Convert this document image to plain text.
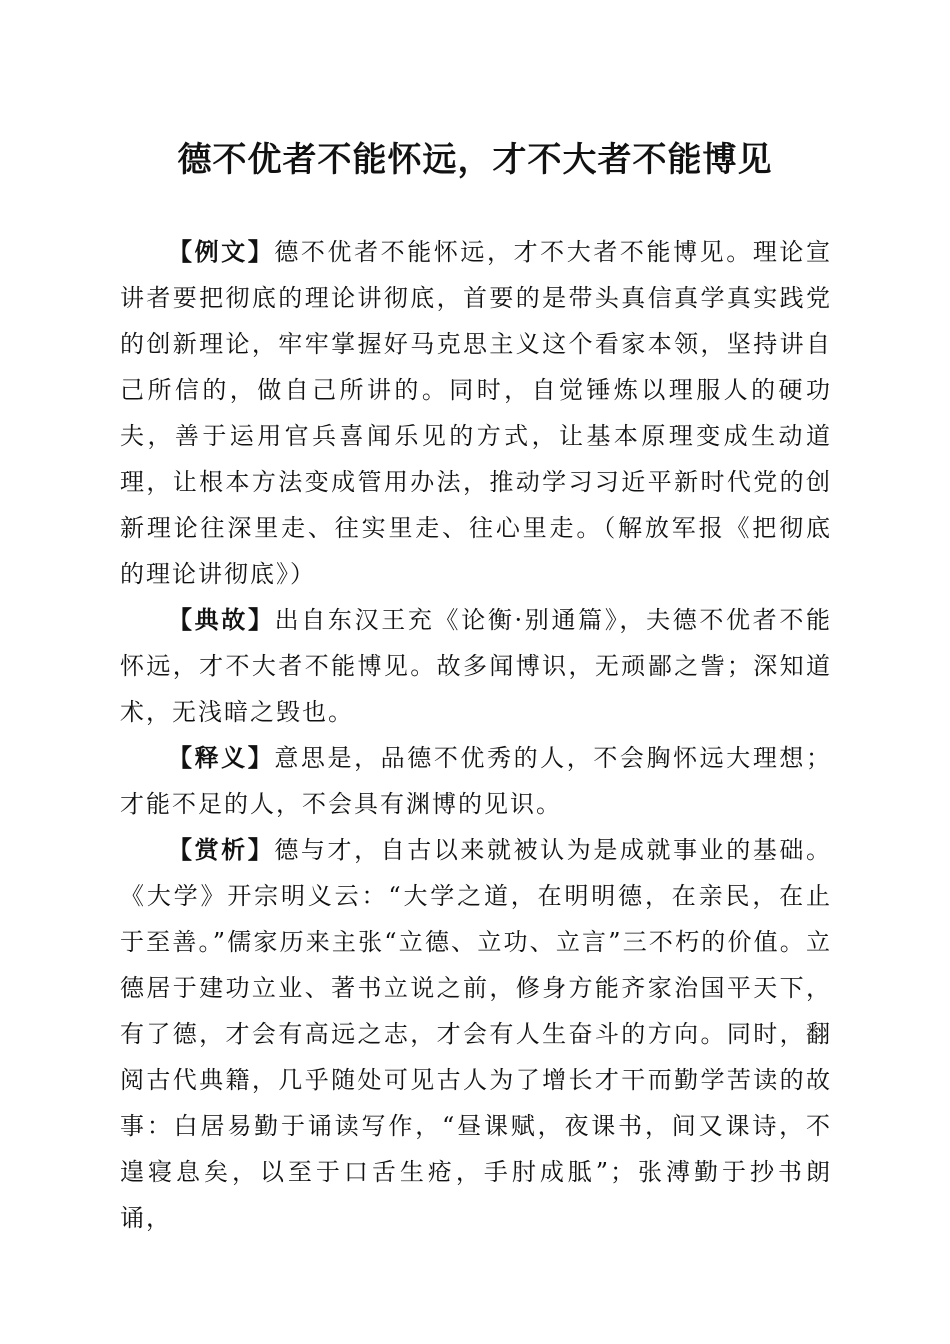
德不优者不能怀远，才不大者不能博见

【例文】德不优者不能怀远，才不大者不能博见。理论宣讲者要把彻底的理论讲彻底，首要的是带头真信真学真实践党的创新理论，牢牢掌握好马克思主义这个看家本领，坚持讲自己所信的，做自己所讲的。同时，自觉锤炼以理服人的硬功夫，善于运用官兵喜闻乐见的方式，让基本原理变成生动道理，让根本方法变成管用办法，推动学习习近平新时代党的创新理论往深里走、往实里走、往心里走。（解放军报《把彻底的理论讲彻底》）

【典故】出自东汉王充《论衡·别通篇》，夫德不优者不能怀远，才不大者不能博见。故多闻博识，无顽鄙之訾；深知道术，无浅暗之毁也。

【释义】意思是，品德不优秀的人，不会胸怀远大理想；才能不足的人，不会具有渊博的见识。

【赏析】德与才，自古以来就被认为是成就事业的基础。《大学》开宗明义云：“大学之道，在明明德，在亲民，在止于至善。”儒家历来主张“立德、立功、立言”三不朽的价值。立德居于建功立业、著书立说之前，修身方能齐家治国平天下，有了德，才会有高远之志，才会有人生奋斗的方向。同时，翻阅古代典籍，几乎随处可见古人为了增长才干而勤学苦读的故事：白居易勤于诵读写作，“昼课赋，夜课书，间又课诗，不遑寝息矣，以至于口舌生疮，手肘成胝”；张溥勤于抄书朗诵，
